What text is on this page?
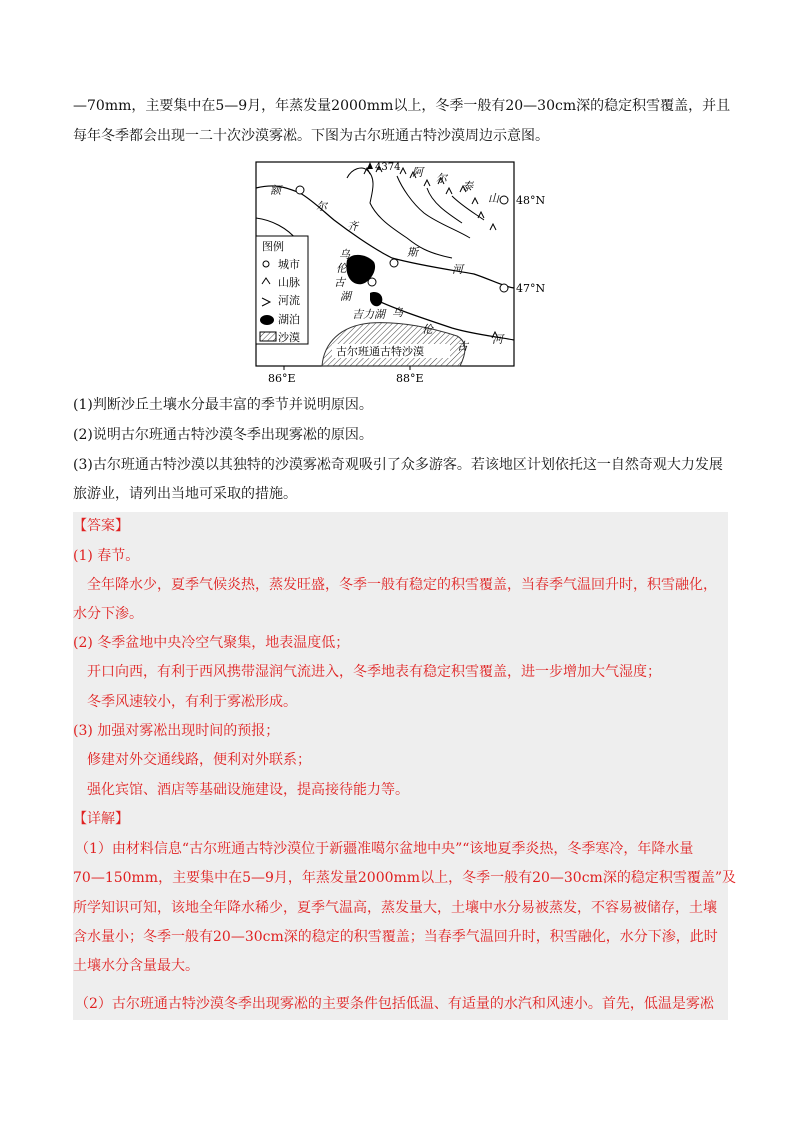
—70mm，主要集中在5—9月，年蒸发量2000mm以上，冬季一般有20—30cm深的稳定积雪覆盖，并且
每年冬季都会出现一二十次沙漠雾凇。下图为古尔班通古特沙漠周边示意图。
古尔班通古特沙漠
4374
额
尔
齐
斯
河
阿 尔
泰
山
乌
伦
古
湖
吉力湖 乌
伦
古
河
图例
城市
山脉
河流
湖泊
沙漠
48°N
47°N
86°E	88°E
(1)判断沙丘土壤水分最丰富的季节并说明原因。
(2)说明古尔班通古特沙漠冬季出现雾凇的原因。
(3)古尔班通古特沙漠以其独特的沙漠雾凇奇观吸引了众多游客。若该地区计划依托这一自然奇观大力发展
旅游业，请列出当地可采取的措施。
【答案】
(1) 春节。
全年降水少，夏季气候炎热，蒸发旺盛，冬季一般有稳定的积雪覆盖，当春季气温回升时，积雪融化，
水分下渗。
(2) 冬季盆地中央冷空气聚集，地表温度低；
开口向西，有利于西风携带湿润气流进入，冬季地表有稳定积雪覆盖，进一步增加大气湿度；
冬季风速较小，有利于雾凇形成。
(3) 加强对雾凇出现时间的预报；
修建对外交通线路，便利对外联系；
强化宾馆、酒店等基础设施建设，提高接待能力等。
【详解】
（1）由材料信息“古尔班通古特沙漠位于新疆准噶尔盆地中央”“该地夏季炎热，冬季寒冷，年降水量
70—150mm，主要集中在5—9月，年蒸发量2000mm以上，冬季一般有20—30cm深的稳定积雪覆盖”及
所学知识可知，该地全年降水稀少，夏季气温高，蒸发量大，土壤中水分易被蒸发，不容易被储存，土壤
含水量小；冬季一般有20—30cm深的稳定的积雪覆盖；当春季气温回升时，积雪融化，水分下渗，此时
土壤水分含量最大。
（2）古尔班通古特沙漠冬季出现雾凇的主要条件包括低温、有适量的水汽和风速小。首先，低温是雾凇
